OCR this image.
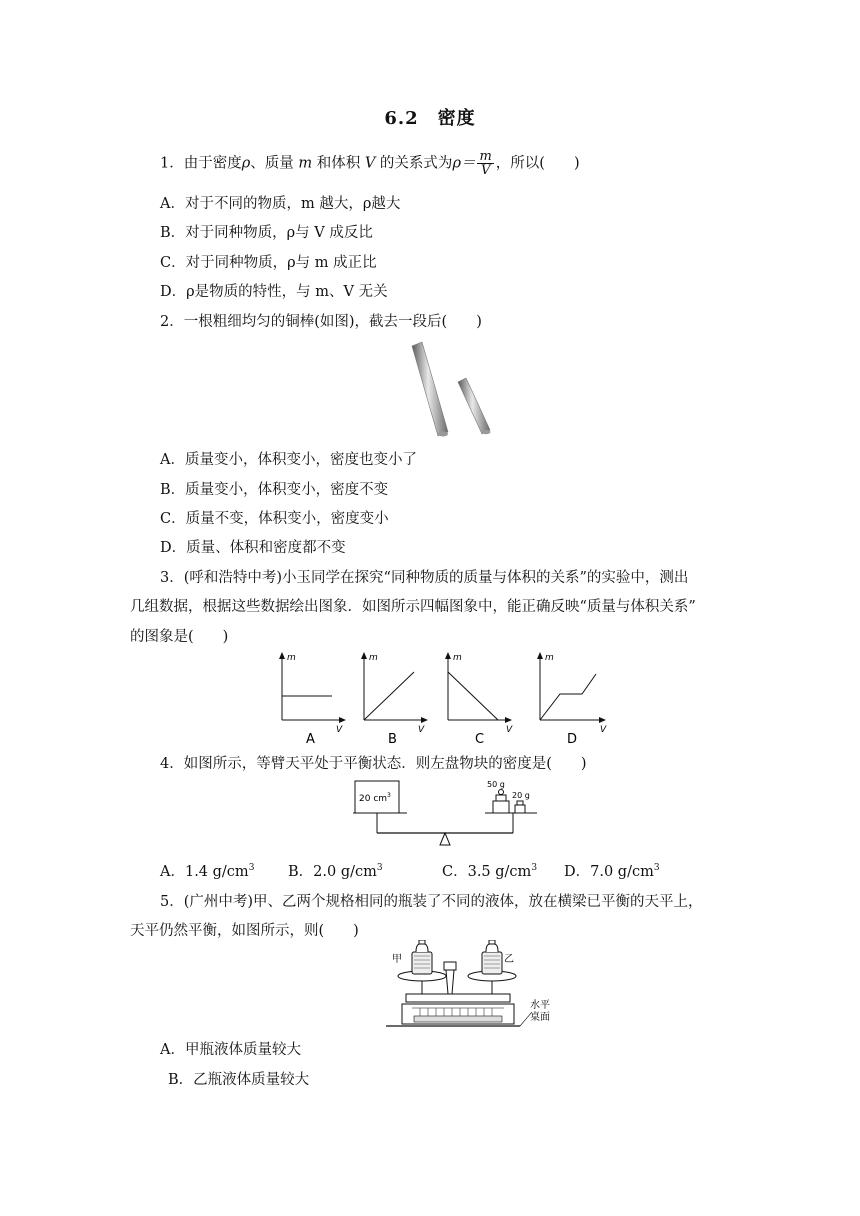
6.2　密度
1．由于密度ρ、质量 m 和体积 V 的关系式为$\rho= \frac{m}{V}$ ，所以(　　)
A．对于不同的物质，m 越大，ρ越大
B．对于同种物质，ρ与 V 成反比
C．对于同种物质，ρ与 m 成正比
D．ρ是物质的特性，与 m、V 无关
2．一根粗细均匀的铜棒(如图)，截去一段后(　　)
A．质量变小，体积变小，密度也变小了
B．质量变小，体积变小，密度不变
C．质量不变，体积变小，密度变小
D．质量、体积和密度都不变
3．(呼和浩特中考)小玉同学在探究“同种物质的质量与体积的关系”的实验中，测出
几组数据，根据这些数据绘出图象．如图所示四幅图象中，能正确反映“质量与体积关系”
的图象是(　　)
m
V
A
m
V
B
m
V
C
m
V
D
4．如图所示，等臂天平处于平衡状态．则左盘物块的密度是(　　)
20 $cm^3$
50 g
20 g
A．1.4 $g/cm^3$ B．2.0 $g/cm^3$	C．3.5 $g/cm^3$ D．7.0 $g/cm^3$
5．(广州中考)甲、乙两个规格相同的瓶装了不同的液体，放在横梁已平衡的天平上，
天平仍然平衡，如图所示，则(　　)
甲	乙
水平
桌面
A．甲瓶液体质量较大
B．乙瓶液体质量较大
